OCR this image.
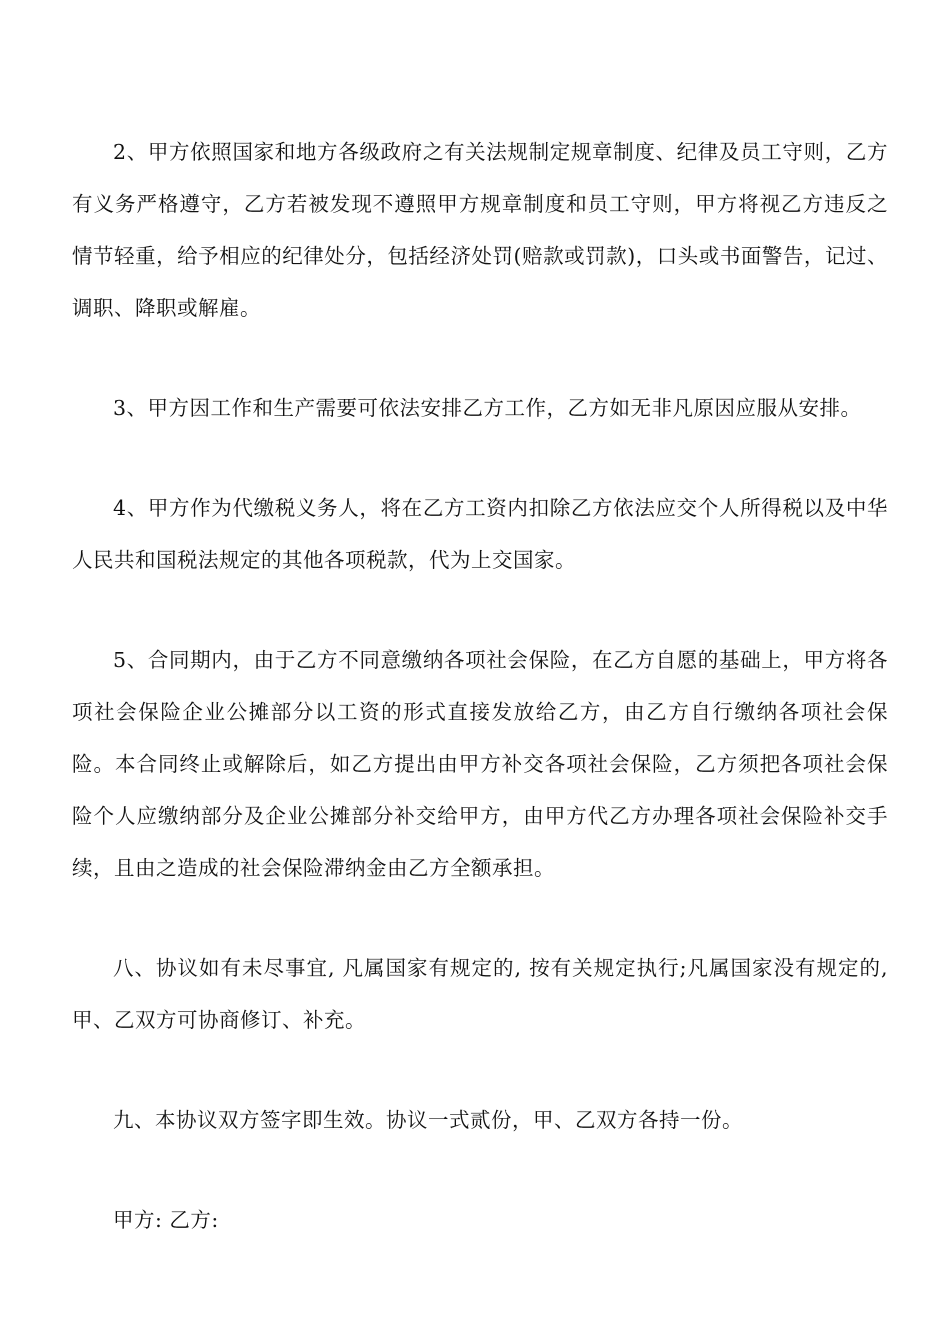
2、甲方依照国家和地方各级政府之有关法规制定规章制度、纪律及员工守则，乙方有义务严格遵守，乙方若被发现不遵照甲方规章制度和员工守则，甲方将视乙方违反之情节轻重，给予相应的纪律处分，包括经济处罚(赔款或罚款)，口头或书面警告，记过、调职、降职或解雇。

3、甲方因工作和生产需要可依法安排乙方工作，乙方如无非凡原因应服从安排。

4、甲方作为代缴税义务人，将在乙方工资内扣除乙方依法应交个人所得税以及中华人民共和国税法规定的其他各项税款，代为上交国家。

5、合同期内，由于乙方不同意缴纳各项社会保险，在乙方自愿的基础上，甲方将各项社会保险企业公摊部分以工资的形式直接发放给乙方，由乙方自行缴纳各项社会保险。本合同终止或解除后，如乙方提出由甲方补交各项社会保险，乙方须把各项社会保险个人应缴纳部分及企业公摊部分补交给甲方，由甲方代乙方办理各项社会保险补交手续，且由之造成的社会保险滞纳金由乙方全额承担。

八、协议如有未尽事宜, 凡属国家有规定的, 按有关规定执行;凡属国家没有规定的, 甲、乙双方可协商修订、补充。

九、本协议双方签字即生效。协议一式贰份，甲、乙双方各持一份。

甲方: 乙方:
